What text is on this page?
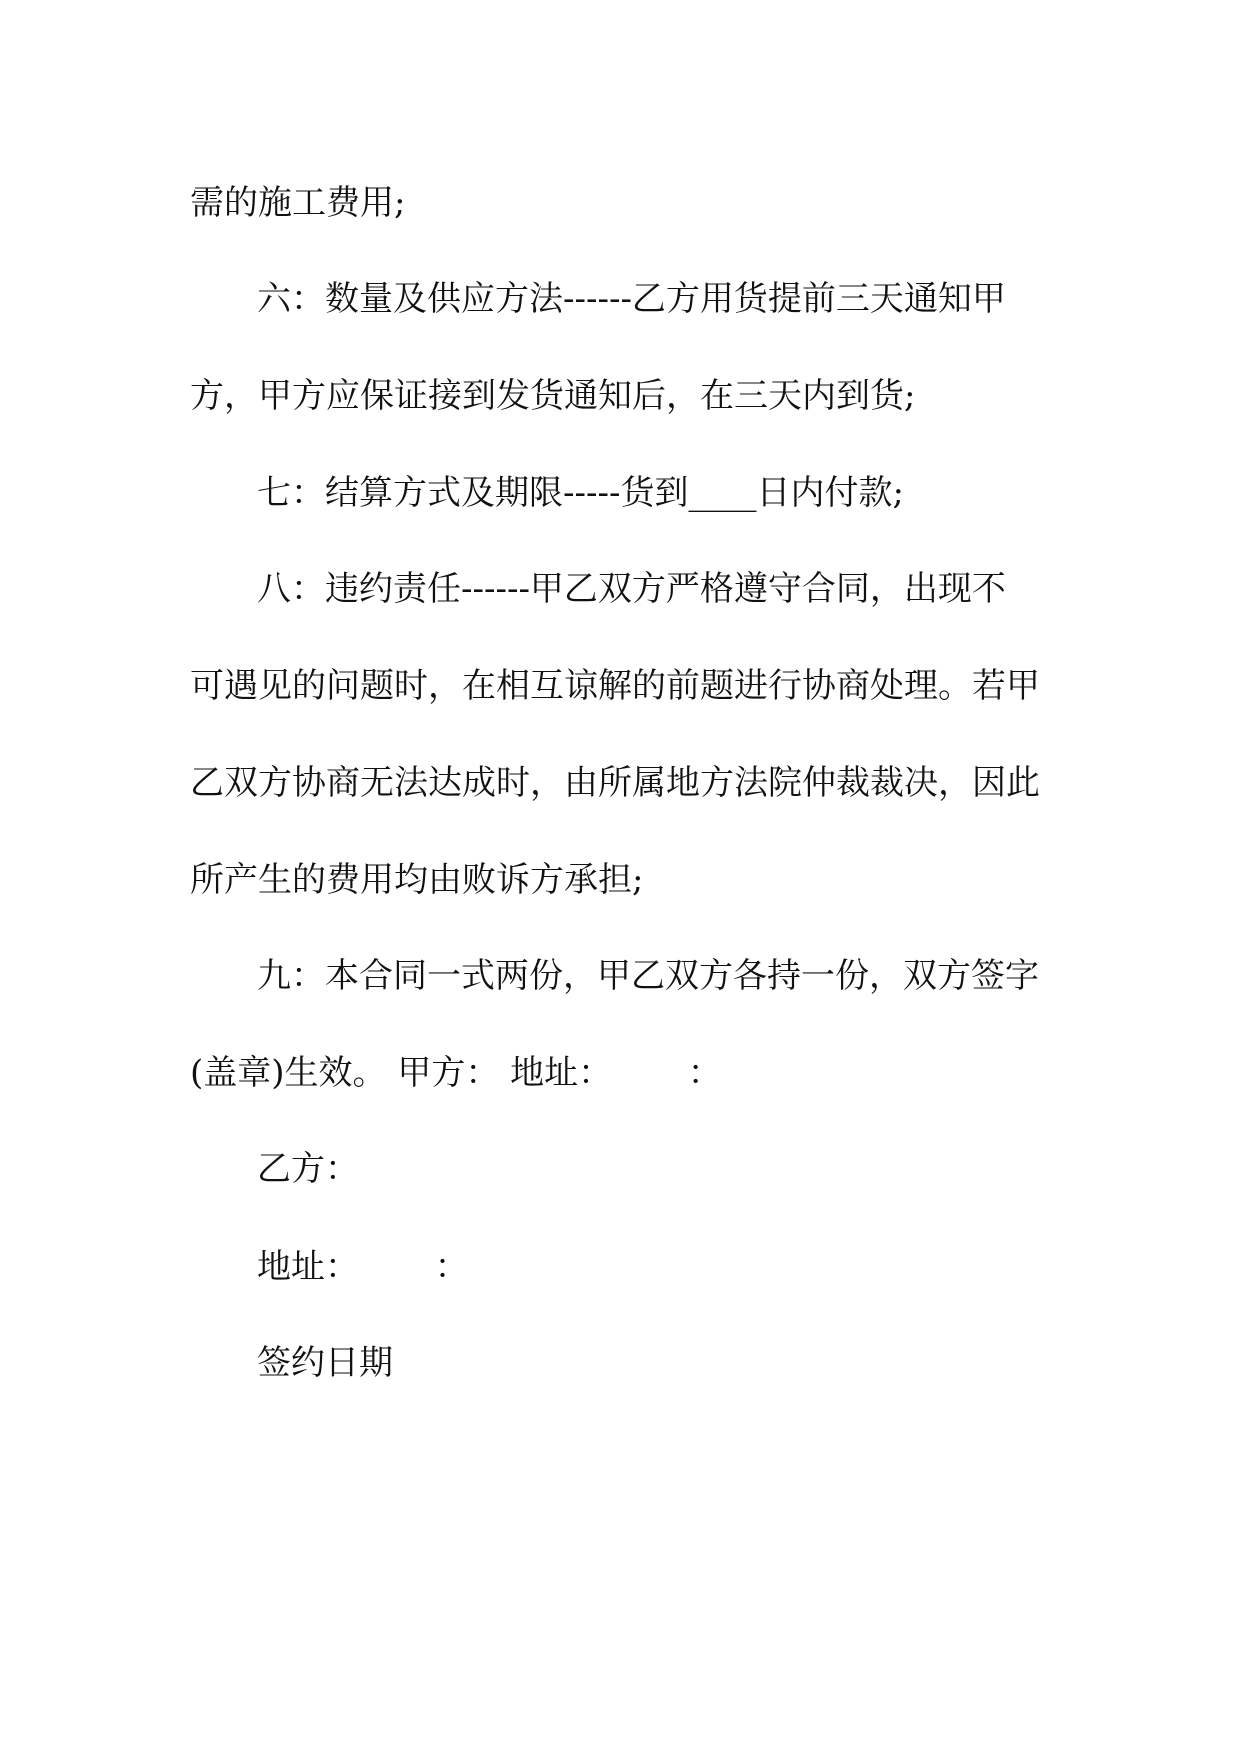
需的施工费用;
六：数量及供应方法------乙方用货提前三天通知甲
方，甲方应保证接到发货通知后，在三天内到货;
七：结算方式及期限-----货到____日内付款;
八：违约责任------甲乙双方严格遵守合同，出现不
可遇见的问题时，在相互谅解的前题进行协商处理。若甲
乙双方协商无法达成时，由所属地方法院仲裁裁决，因此
所产生的费用均由败诉方承担;
九：本合同一式两份，甲乙双方各持一份，双方签字
(盖章)生效。 甲方： 地址：       ：
乙方：
地址：       ：
签约日期
